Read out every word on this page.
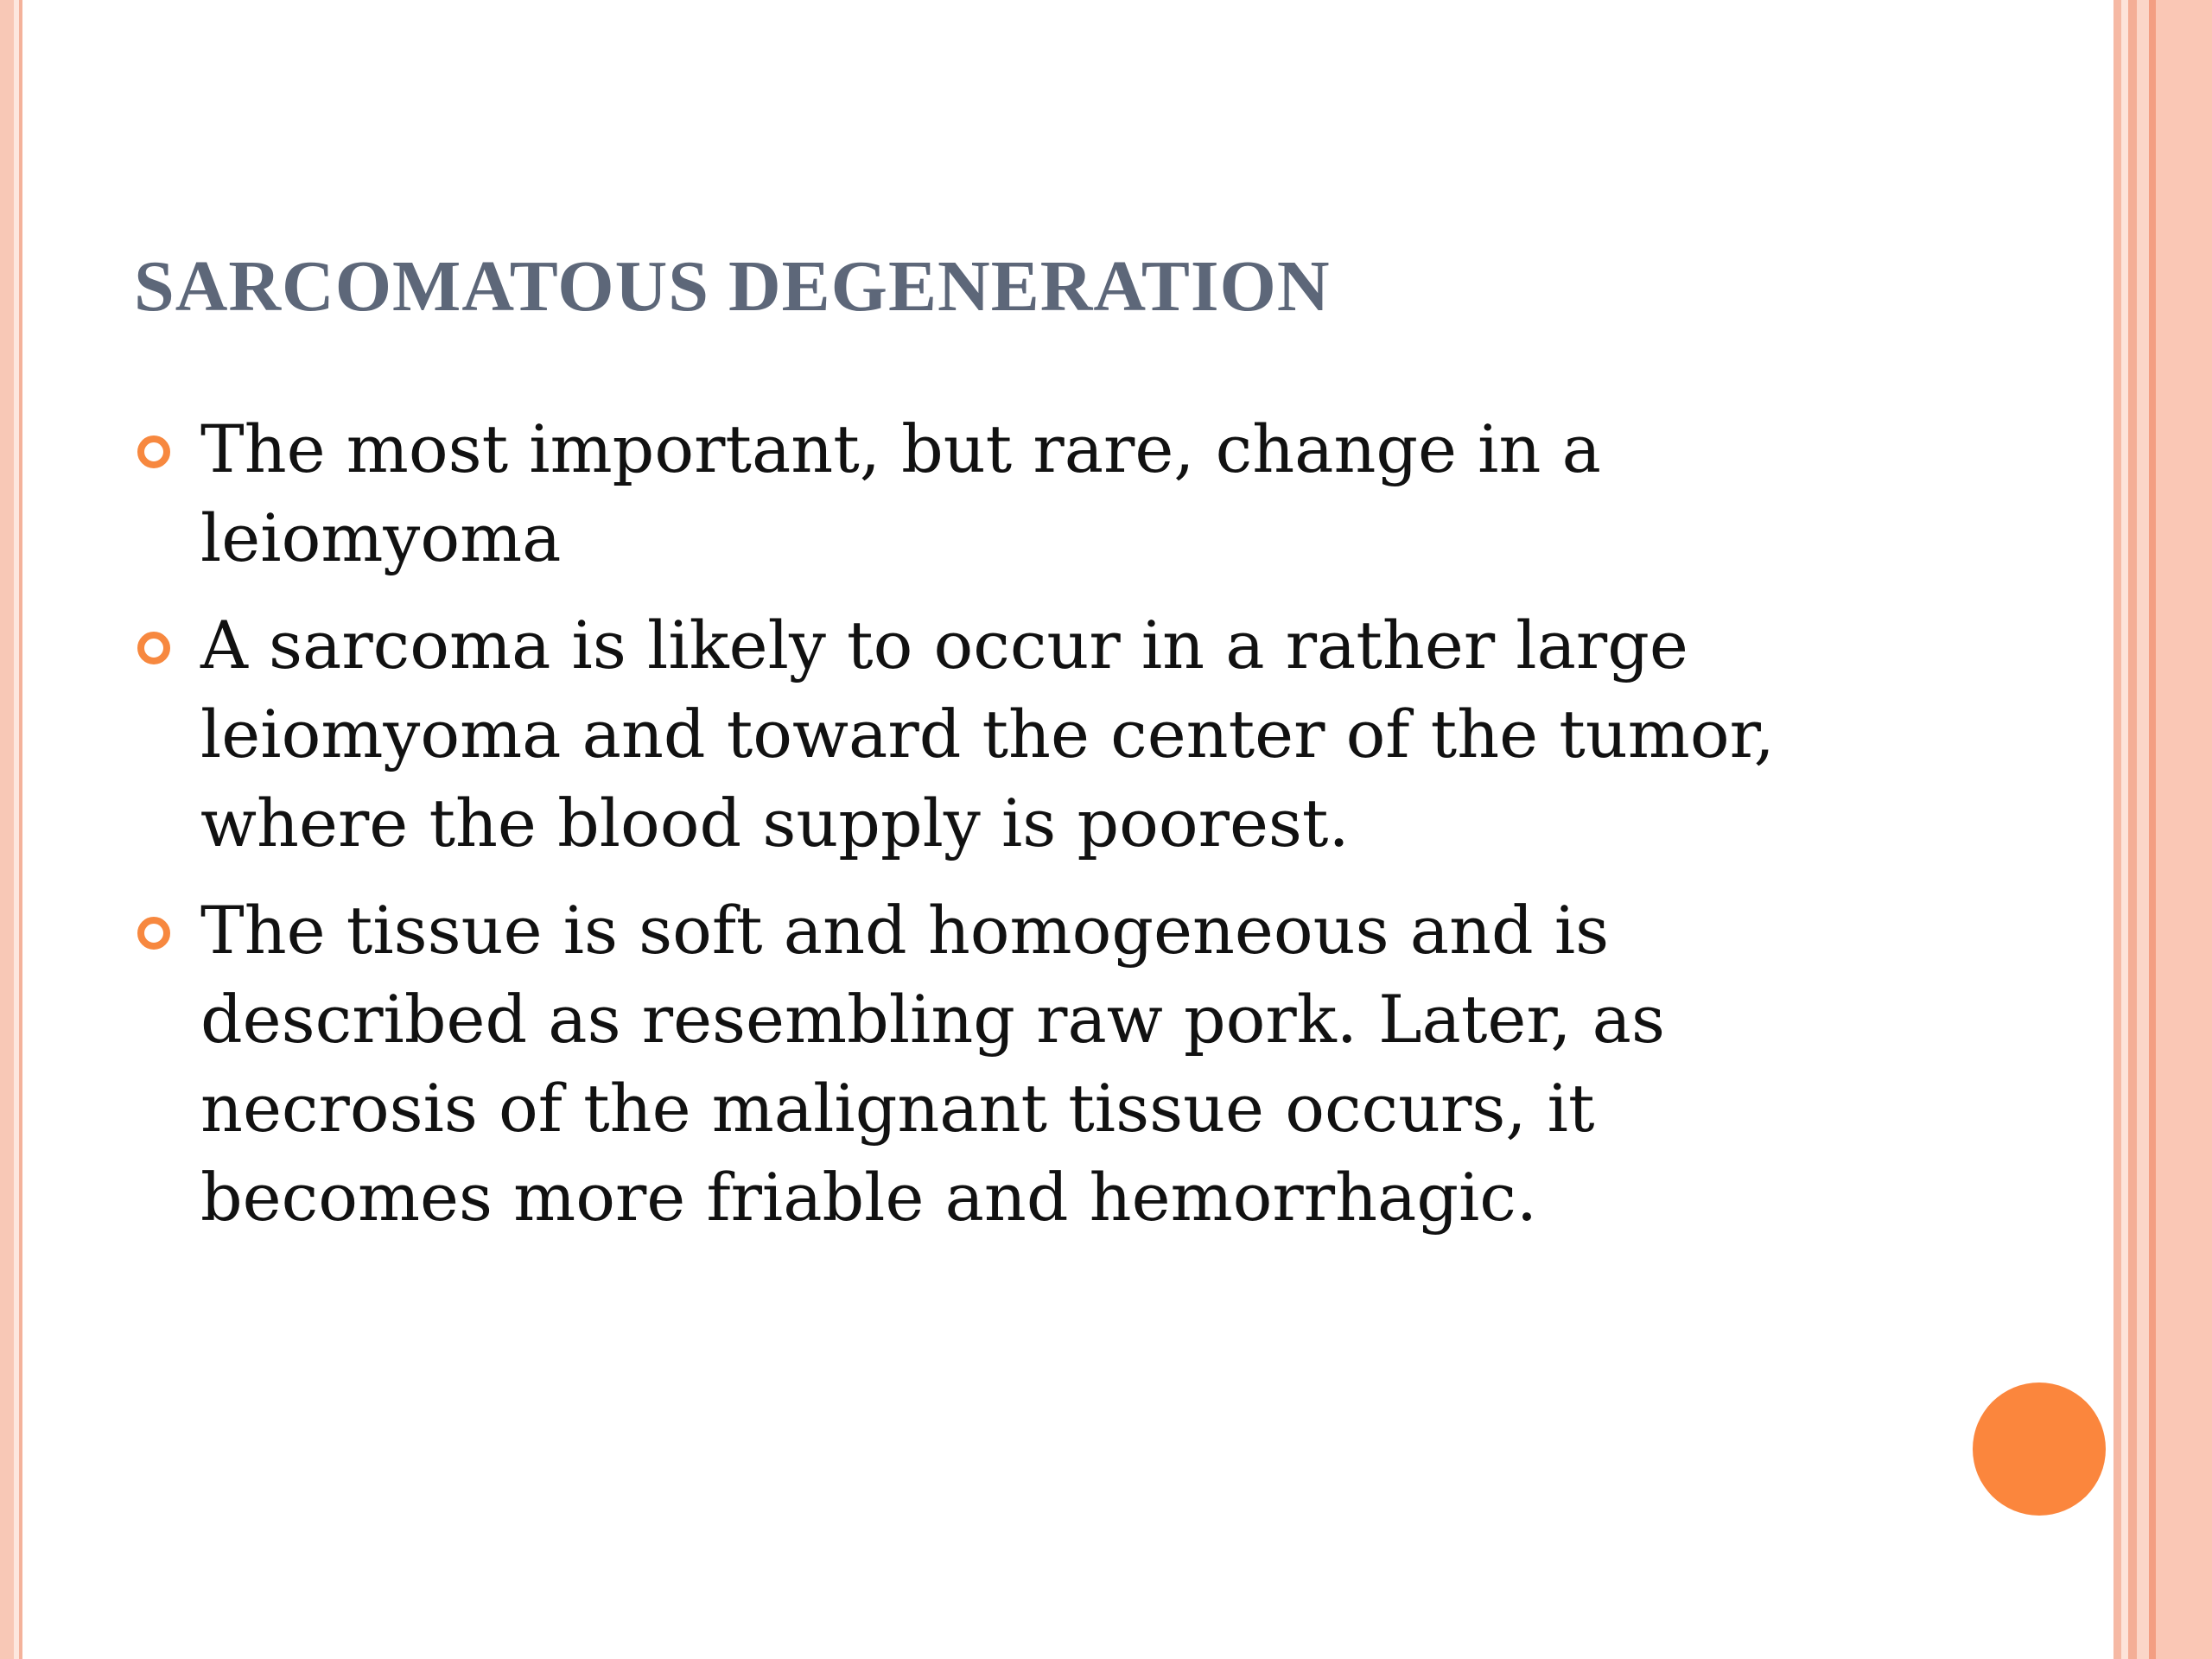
SARCOMATOUS DEGENERATION
The most important, but rare, change in a leiomyoma
A sarcoma is likely to occur in a rather large leiomyoma and toward the center of the tumor, where the blood supply is poorest.
The tissue is soft and homogeneous and is described as resembling raw pork. Later, as necrosis of the malignant tissue occurs, it becomes more friable and hemorrhagic.
